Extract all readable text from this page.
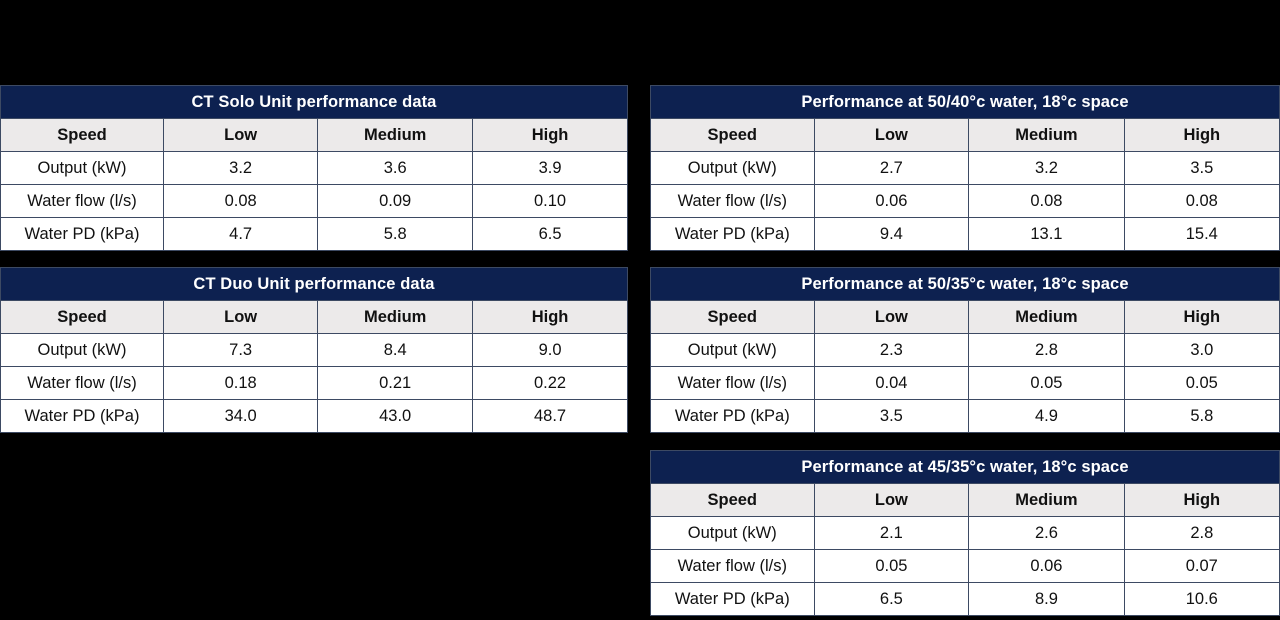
CT Solo Unit performance data			
Speed	Low	Medium	High
Output (kW)	3.2	3.6	3.9
Water flow (l/s)	0.08	0.09	0.10
Water PD (kPa)	4.7	5.8	6.5
CT Duo Unit performance data			
Speed	Low	Medium	High
Output (kW)	7.3	8.4	9.0
Water flow (l/s)	0.18	0.21	0.22
Water PD (kPa)	34.0	43.0	48.7
Performance at 50/40°c water, 18°c space			
Speed	Low	Medium	High
Output (kW)	2.7	3.2	3.5
Water flow (l/s)	0.06	0.08	0.08
Water PD (kPa)	9.4	13.1	15.4
Performance at 50/35°c water, 18°c space			
Speed	Low	Medium	High
Output (kW)	2.3	2.8	3.0
Water flow (l/s)	0.04	0.05	0.05
Water PD (kPa)	3.5	4.9	5.8
Performance at 45/35°c water, 18°c space			
Speed	Low	Medium	High
Output (kW)	2.1	2.6	2.8
Water flow (l/s)	0.05	0.06	0.07
Water PD (kPa)	6.5	8.9	10.6
